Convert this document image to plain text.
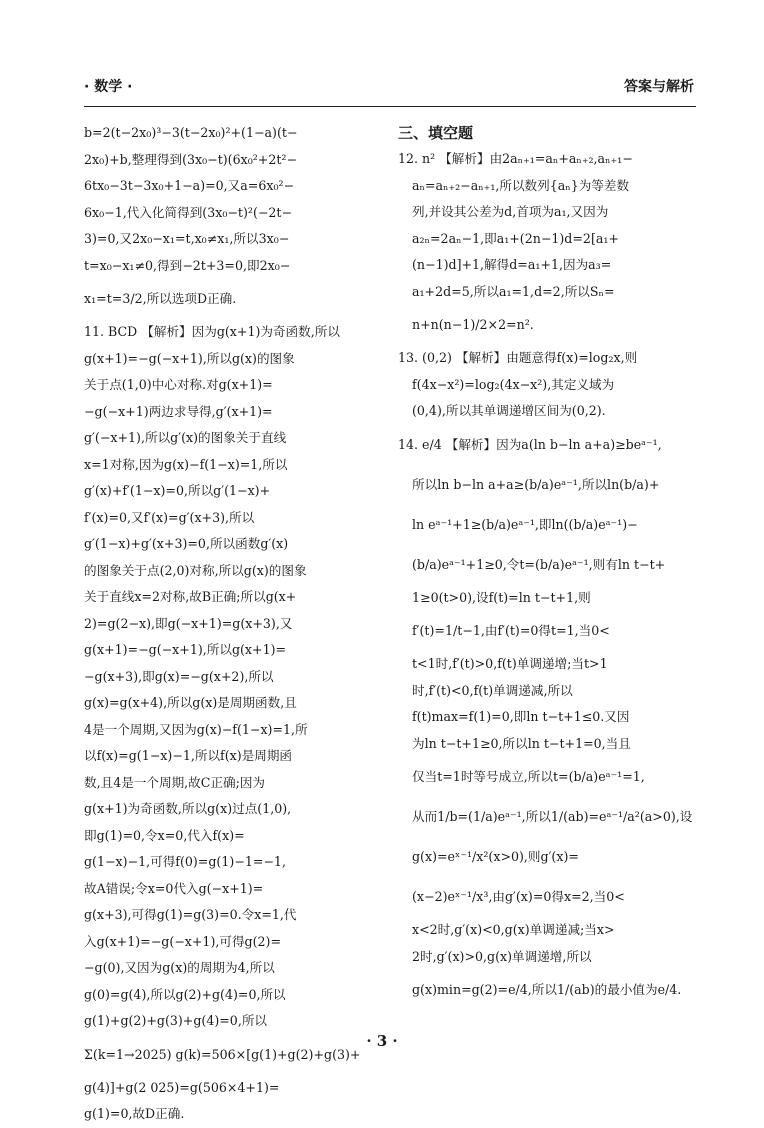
· 数学 ·	答案与解析
b=2(t−2x₀)³−3(t−2x₀)²+(1−a)(t−
2x₀)+b,整理得到(3x₀−t)(6x₀²+2t²−
6tx₀−3t−3x₀+1−a)=0,又a=6x₀²−
6x₀−1,代入化简得到(3x₀−t)²(−2t−
3)=0,又2x₀−x₁=t,x₀≠x₁,所以3x₀−
t=x₀−x₁≠0,得到−2t+3=0,即2x₀−
x₁=t=3/2,所以选项D正确.
11. BCD 【解析】因为g(x+1)为奇函数,所以
g(x+1)=−g(−x+1),所以g(x)的图象
关于点(1,0)中心对称.对g(x+1)=
−g(−x+1)两边求导得,g′(x+1)=
g′(−x+1),所以g′(x)的图象关于直线
x=1对称,因为g(x)−f(1−x)=1,所以
g′(x)+f′(1−x)=0,所以g′(1−x)+
f′(x)=0,又f′(x)=g′(x+3),所以
g′(1−x)+g′(x+3)=0,所以函数g′(x)
的图象关于点(2,0)对称,所以g(x)的图象
关于直线x=2对称,故B正确;所以g(x+
2)=g(2−x),即g(−x+1)=g(x+3),又
g(x+1)=−g(−x+1),所以g(x+1)=
−g(x+3),即g(x)=−g(x+2),所以
g(x)=g(x+4),所以g(x)是周期函数,且
4是一个周期,又因为g(x)−f(1−x)=1,所
以f(x)=g(1−x)−1,所以f(x)是周期函
数,且4是一个周期,故C正确;因为
g(x+1)为奇函数,所以g(x)过点(1,0),
即g(1)=0,令x=0,代入f(x)=
g(1−x)−1,可得f(0)=g(1)−1=−1,
故A错误;令x=0代入g(−x+1)=
g(x+3),可得g(1)=g(3)=0.令x=1,代
入g(x+1)=−g(−x+1),可得g(2)=
−g(0),又因为g(x)的周期为4,所以
g(0)=g(4),所以g(2)+g(4)=0,所以
g(1)+g(2)+g(3)+g(4)=0,所以
Σ(k=1→2025) g(k)=506×[g(1)+g(2)+g(3)+
g(4)]+g(2 025)=g(506×4+1)=
g(1)=0,故D正确.
三、填空题
12. n² 【解析】由2aₙ₊₁=aₙ+aₙ₊₂,aₙ₊₁−
aₙ=aₙ₊₂−aₙ₊₁,所以数列{aₙ}为等差数
列,并设其公差为d,首项为a₁,又因为
a₂ₙ=2aₙ−1,即a₁+(2n−1)d=2[a₁+
(n−1)d]+1,解得d=a₁+1,因为a₃=
a₁+2d=5,所以a₁=1,d=2,所以Sₙ=
n+n(n−1)/2×2=n².
13. (0,2) 【解析】由题意得f(x)=log₂x,则
f(4x−x²)=log₂(4x−x²),其定义域为
(0,4),所以其单调递增区间为(0,2).
14. e/4 【解析】因为a(ln b−ln a+a)≥beᵃ⁻¹,
所以ln b−ln a+a≥(b/a)eᵃ⁻¹,所以ln(b/a)+
ln eᵃ⁻¹+1≥(b/a)eᵃ⁻¹,即ln((b/a)eᵃ⁻¹)−
(b/a)eᵃ⁻¹+1≥0,令t=(b/a)eᵃ⁻¹,则有ln t−t+
1≥0(t>0),设f(t)=ln t−t+1,则
f′(t)=1/t−1,由f′(t)=0得t=1,当0<
t<1时,f′(t)>0,f(t)单调递增;当t>1
时,f′(t)<0,f(t)单调递减,所以
f(t)max=f(1)=0,即ln t−t+1≤0.又因
为ln t−t+1≥0,所以ln t−t+1=0,当且
仅当t=1时等号成立,所以t=(b/a)eᵃ⁻¹=1,
从而1/b=(1/a)eᵃ⁻¹,所以1/(ab)=eᵃ⁻¹/a²(a>0),设
g(x)=eˣ⁻¹/x²(x>0),则g′(x)=
(x−2)eˣ⁻¹/x³,由g′(x)=0得x=2,当0<
x<2时,g′(x)<0,g(x)单调递减;当x>
2时,g′(x)>0,g(x)单调递增,所以
g(x)min=g(2)=e/4,所以1/(ab)的最小值为e/4.
· 3 ·
